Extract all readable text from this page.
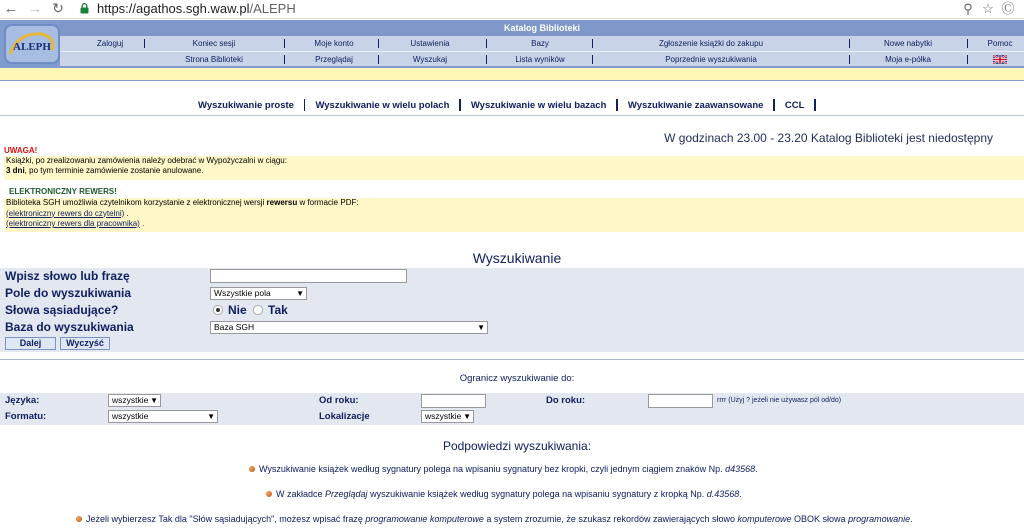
← → ↻	https://agathos.sgh.waw.pl/ALEPH	⚲ ☆ Ⓒ
ALEPH
Katalog Biblioteki
Zaloguj	Koniec sesji	Moje konto	Ustawienia	Bazy	Zgłoszenie książki do zakupu	Nowe nabytki	Pomoc
Strona Biblioteki	Przeglądaj	Wyszukaj	Lista wyników	Poprzednie wyszukiwania	Moja e-półka
Wyszukiwanie proste Wyszukiwanie w wielu polach Wyszukiwanie w wielu bazach Wyszukiwanie zaawansowane CCL
W godzinach 23.00 - 23.20 Katalog Biblioteki jest niedostępny
UWAGA!
Książki, po zrealizowaniu zamówienia należy odebrać w Wypożyczalni w ciągu:
3 dni, po tym terminie zamówienie zostanie anulowane.
ELEKTRONICZNY REWERS!
Biblioteka SGH umożliwia czytelnikom korzystanie z elektronicznej wersji rewersu w formacie PDF:
(elektroniczny rewers do czytelni) .
(elektroniczny rewers dla pracownika) .
Wyszukiwanie
Wpisz słowo lub frazę
Pole do wyszukiwania	Wszystkie pola	▼
Słowa sąsiadujące?	Nie Tak
Baza do wyszukiwania	Baza SGH	▼
Dalej	Wyczyść
Ogranicz wyszukiwanie do:
Języka:	wszystkie ▼	Od roku:	Do roku:	rrrr (Użyj ? jeżeli nie używasz pól od/do)
Formatu:	wszystkie	▼	Lokalizacje	wszystkie ▼
Podpowiedzi wyszukiwania:
Wyszukiwanie książek według sygnatury polega na wpisaniu sygnatury bez kropki, czyli jednym ciągiem znaków Np. d43568.
W zakładce Przeglądaj wyszukiwanie książek według sygnatury polega na wpisaniu sygnatury z kropką Np. d.43568.
Jeżeli wybierzesz Tak dla "Słów sąsiadujących", możesz wpisać frazę programowanie komputerowe a system zrozumie, że szukasz rekordów zawierających słowo komputerowe OBOK słowa programowanie.
